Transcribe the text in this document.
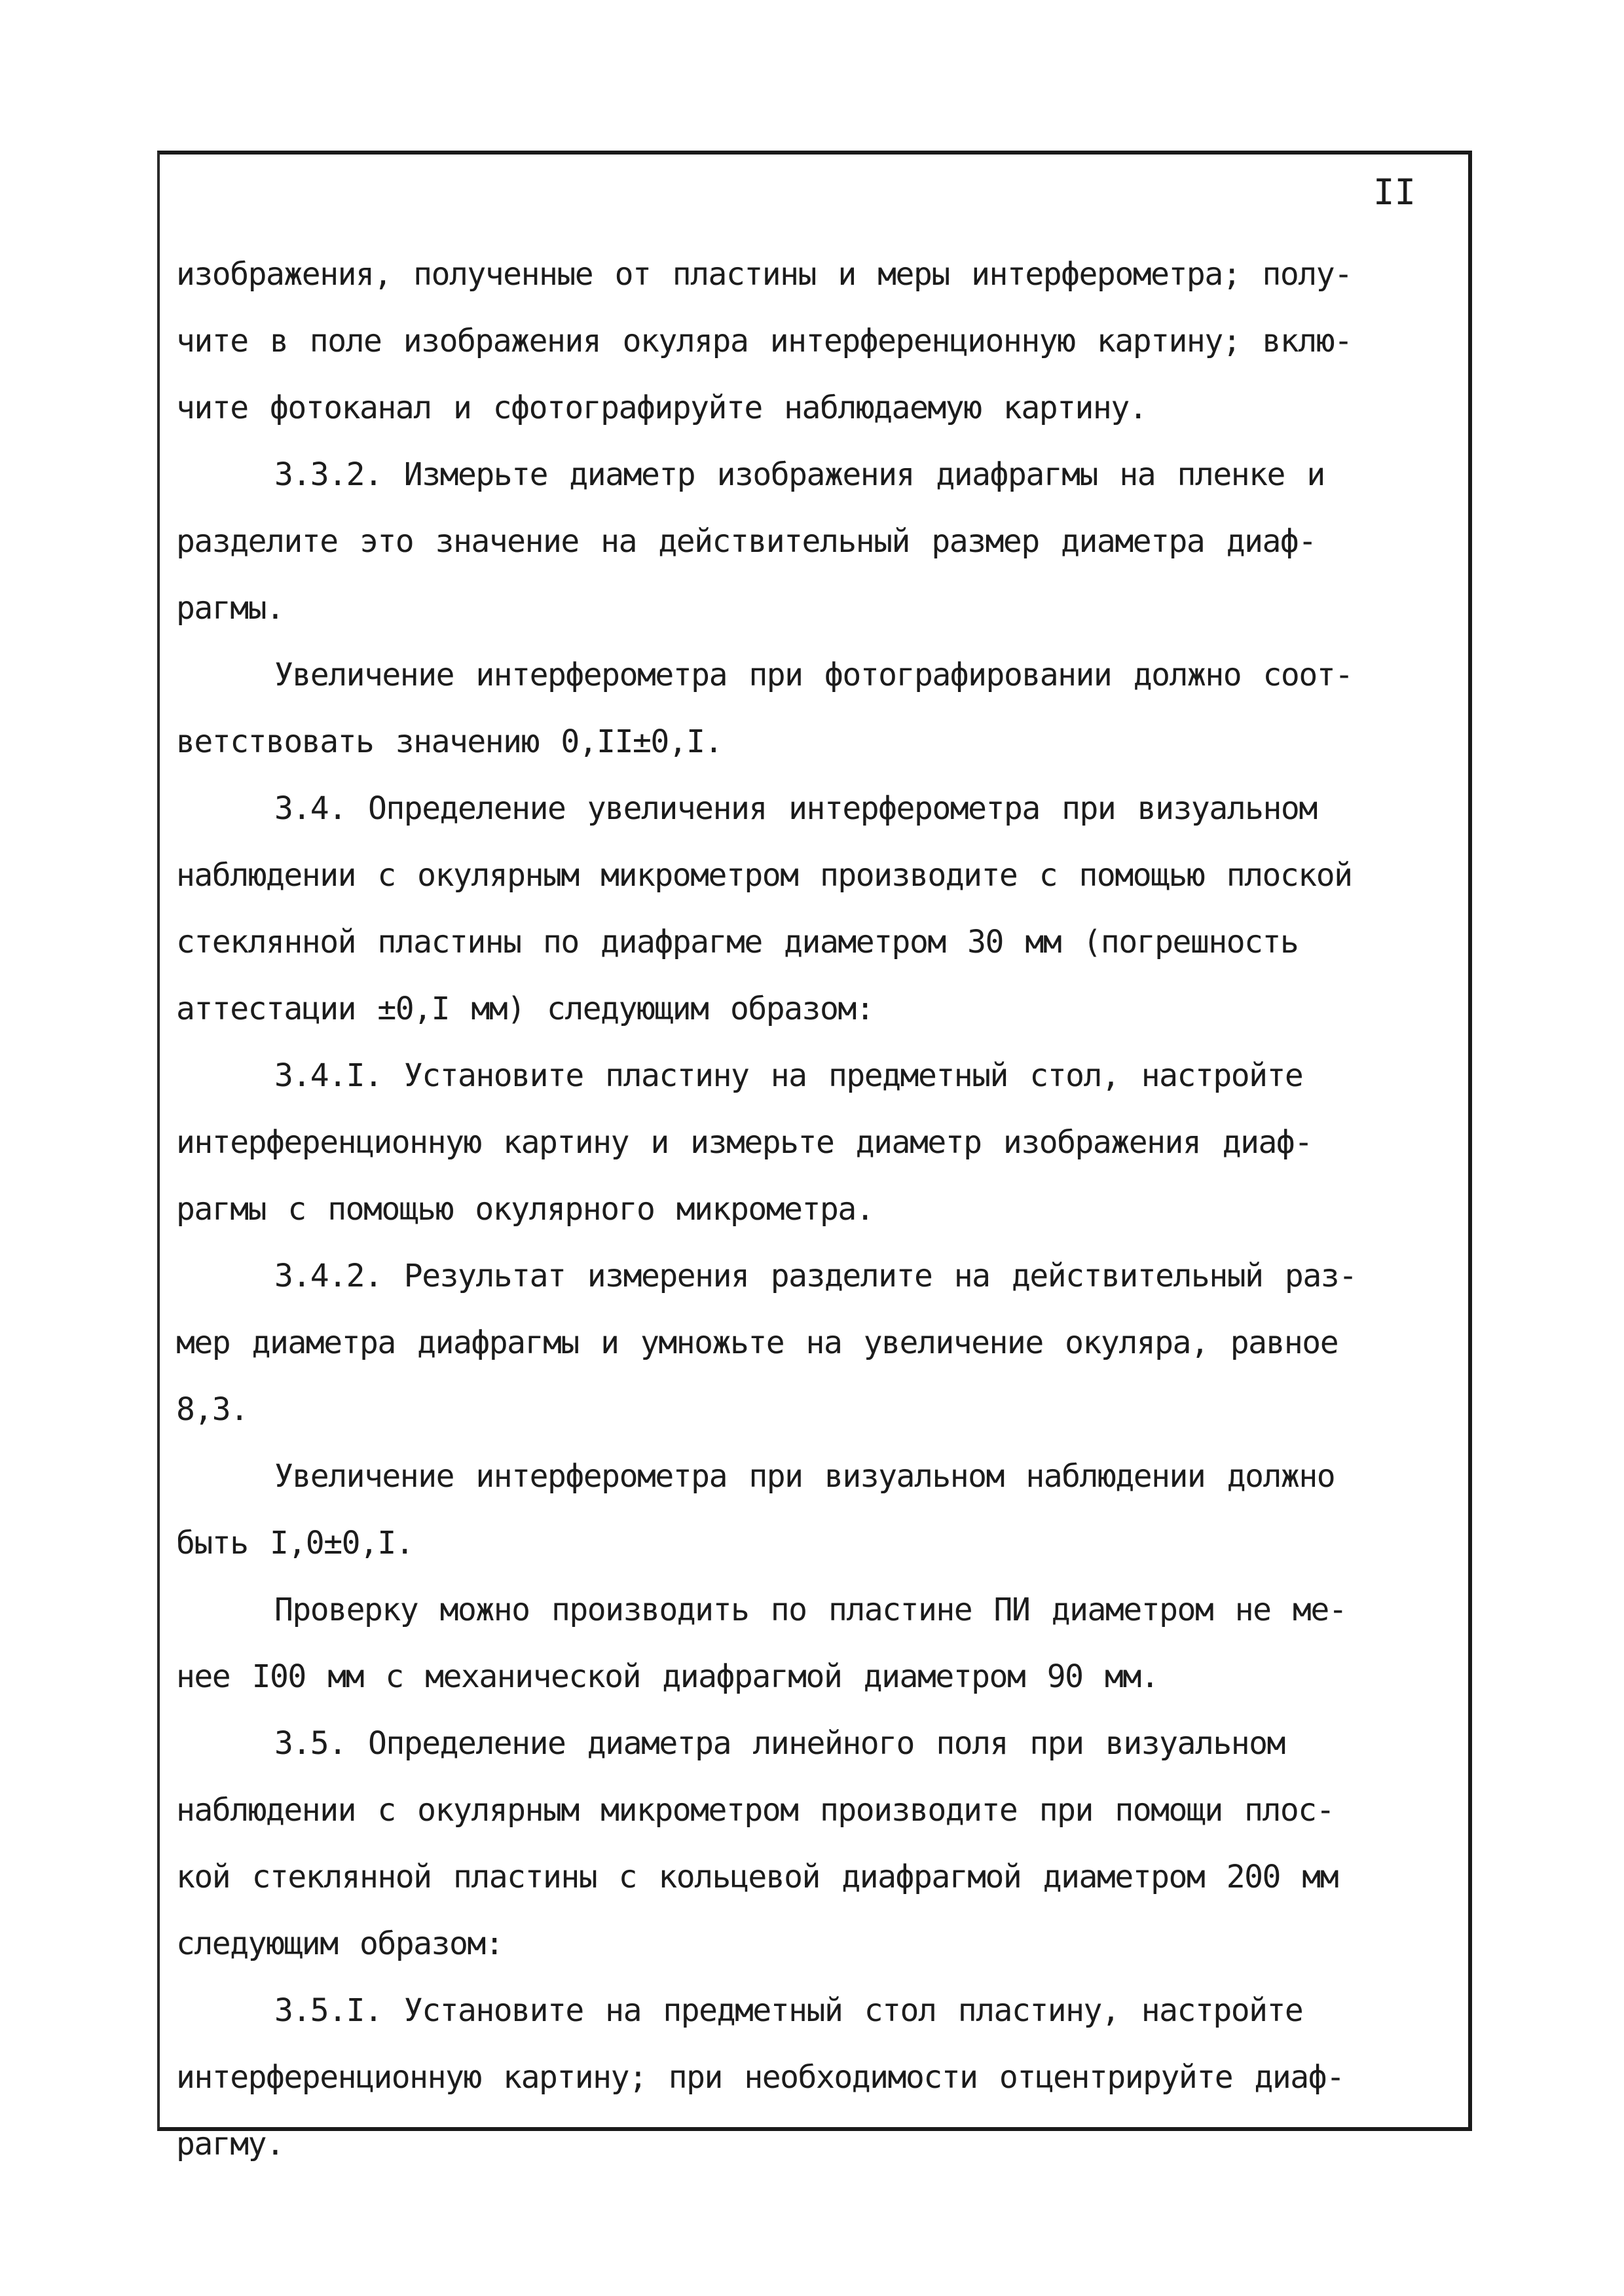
II

изображения, полученные от пластины и меры интерферометра; полу-

чите в поле изображения окуляра интерференционную картину; вклю-

чите фотоканал и сфотографируйте наблюдаемую картину.

3.3.2. Измерьте диаметр изображения диафрагмы на пленке и

разделите это значение на действительный размер диаметра диаф-

рагмы.

Увеличение интерферометра при фотографировании должно соот-

ветствовать значению 0,II±0,I.

3.4. Определение увеличения интерферометра при визуальном

наблюдении с окулярным микрометром производите с помощью плоской

стеклянной пластины по диафрагме диаметром 30 мм (погрешность

аттестации ±0,I мм) следующим образом:

3.4.I. Установите пластину на предметный стол, настройте

интерференционную картину и измерьте диаметр изображения диаф-

рагмы с помощью окулярного микрометра.

3.4.2. Результат измерения разделите на действительный раз-

мер диаметра диафрагмы и умножьте на увеличение окуляра, равное

8,3.

Увеличение интерферометра при визуальном наблюдении должно

быть I,0±0,I.

Проверку можно производить по пластине ПИ диаметром не ме-

нее I00 мм с механической диафрагмой диаметром 90 мм.

3.5. Определение диаметра линейного поля при визуальном

наблюдении с окулярным микрометром производите при помощи плос-

кой стеклянной пластины с кольцевой диафрагмой диаметром 200 мм

следующим образом:

3.5.I. Установите на предметный стол пластину, настройте

интерференционную картину; при необходимости отцентрируйте диаф-

рагму.
